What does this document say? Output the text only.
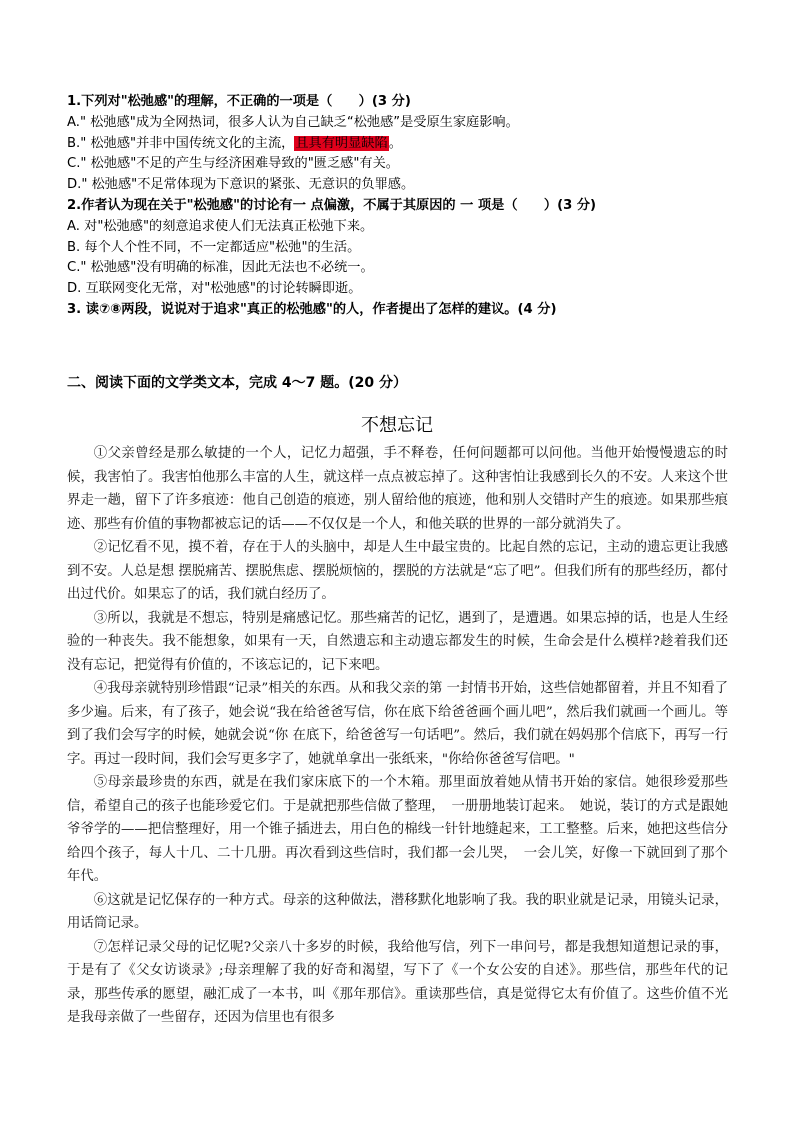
1.下列对"松弛感"的理解，不正确的一项是（　　）(3 分)
A." 松弛感"成为全网热词，很多人认为自己缺乏“松弛感”是受原生家庭影响。
B." 松弛感"并非中国传统文化的主流，且具有明显缺陷。
C." 松弛感"不足的产生与经济困难导致的"匮乏感"有关。
D." 松弛感"不足常体现为下意识的紧张、无意识的负罪感。
2.作者认为现在关于"松弛感"的讨论有一 点偏激，不属于其原因的 一 项是（　　）(3 分)
A. 对"松弛感"的刻意追求使人们无法真正松弛下来。
B. 每个人个性不同，不一定都适应"松弛"的生活。
C." 松弛感"没有明确的标准，因此无法也不必统一。
D. 互联网变化无常，对"松弛感"的讨论转瞬即逝。
3. 读⑦⑧两段，说说对于追求"真正的松弛感"的人，作者提出了怎样的建议。(4 分)
二、阅读下面的文学类文本，完成 4～7 题。(20 分）
不想忘记

①父亲曾经是那么敏捷的一个人，记忆力超强，手不释卷，任何问题都可以问他。当他开始慢慢遗忘的时候，我害怕了。我害怕他那么丰富的人生，就这样一点点被忘掉了。这种害怕让我感到长久的不安。人来这个世界走一趟，留下了许多痕迹：他自己创造的痕迹，别人留给他的痕迹，他和别人交错时产生的痕迹。如果那些痕迹、那些有价值的事物都被忘记的话——不仅仅是一个人，和他关联的世界的一部分就消失了。

②记忆看不见，摸不着，存在于人的头脑中，却是人生中最宝贵的。比起自然的忘记，主动的遗忘更让我感到不安。人总是想 摆脱痛苦、摆脱焦虑、摆脱烦恼的，摆脱的方法就是“忘了吧”。但我们所有的那些经历，都付出过代价。如果忘了的话，我们就白经历了。

③所以，我就是不想忘，特别是痛感记忆。那些痛苦的记忆，遇到了，是遭遇。如果忘掉的话，也是人生经验的一种丧失。我不能想象，如果有一天，自然遗忘和主动遗忘都发生的时候，生命会是什么模样?趁着我们还没有忘记，把觉得有价值的，不该忘记的，记下来吧。

④我母亲就特别珍惜跟“记录”相关的东西。从和我父亲的第 一封情书开始，这些信她都留着，并且不知看了多少遍。后来，有了孩子，她会说“我在给爸爸写信，你在底下给爸爸画个画儿吧”，然后我们就画一个画儿。等到了我们会写字的时候，她就会说“你 在底下，给爸爸写一句话吧”。然后，我们就在妈妈那个信底下，再写一行字。再过一段时间，我们会写更多字了，她就单拿出一张纸来，"你给你爸爸写信吧。"

⑤母亲最珍贵的东西，就是在我们家床底下的一个木箱。那里面放着她从情书开始的家信。她很珍爱那些信，希望自己的孩子也能珍爱它们。于是就把那些信做了整理，　一册册地装订起来。　她说，装订的方式是跟她爷爷学的——把信整理好，用一个锥子插进去，用白色的棉线一针针地缝起来，工工整整。后来，她把这些信分给四个孩子，每人十几、二十几册。再次看到这些信时，我们都一会儿哭，　一会儿笑，好像一下就回到了那个年代。

⑥这就是记忆保存的一种方式。母亲的这种做法，潜移默化地影响了我。我的职业就是记录，用镜头记录，用话筒记录。

⑦怎样记录父母的记忆呢?父亲八十多岁的时候，我给他写信，列下一串问号，都是我想知道想记录的事，于是有了《父女访谈录》;母亲理解了我的好奇和渴望，写下了《一个女公安的自述》。那些信，那些年代的记录，那些传承的愿望，融汇成了一本书，叫《那年那信》。重读那些信，真是觉得它太有价值了。这些价值不光是我母亲做了一些留存，还因为信里也有很多
